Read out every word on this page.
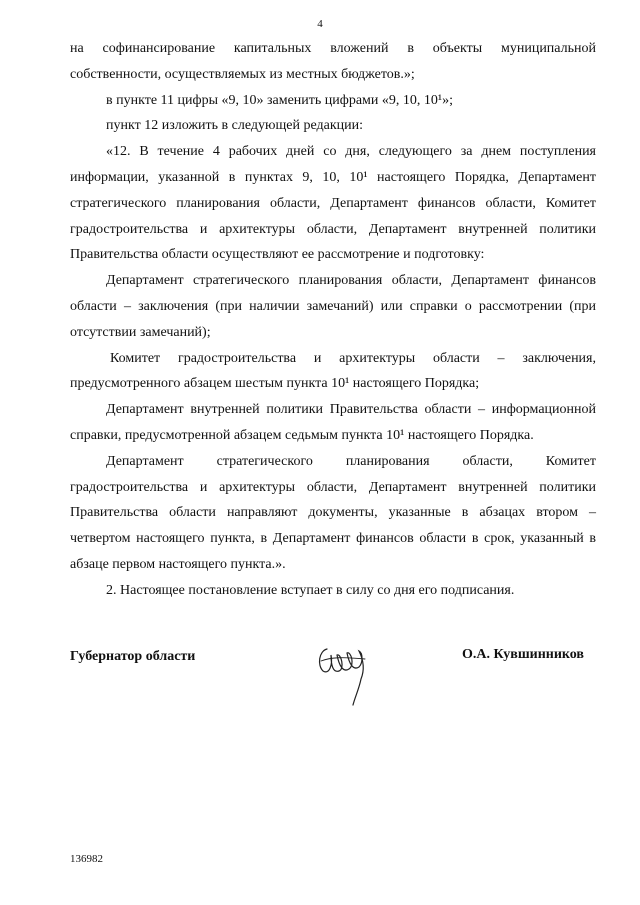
4

на софинансирование капитальных вложений в объекты муниципальной собственности, осуществляемых из местных бюджетов.»;

в пункте 11 цифры «9, 10» заменить цифрами «9, 10, 10¹»;

пункт 12 изложить в следующей редакции:

«12. В течение 4 рабочих дней со дня, следующего за днем поступления информации, указанной в пунктах 9, 10, 10¹ настоящего Порядка, Департамент стратегического планирования области, Департамент финансов области, Комитет градостроительства и архитектуры области, Департамент внутренней политики Правительства области осуществляют ее рассмотрение и подготовку:

Департамент стратегического планирования области, Департамент финансов области – заключения (при наличии замечаний) или справки о рассмотрении (при отсутствии замечаний);

Комитет градостроительства и архитектуры области – заключения, предусмотренного абзацем шестым пункта 10¹ настоящего Порядка;

Департамент внутренней политики Правительства области – информационной справки, предусмотренной абзацем седьмым пункта 10¹ настоящего Порядка.

Департамент стратегического планирования области, Комитет градостроительства и архитектуры области, Департамент внутренней политики Правительства области направляют документы, указанные в абзацах втором – четвертом настоящего пункта, в Департамент финансов области в срок, указанный в абзаце первом настоящего пункта.».

2. Настоящее постановление вступает в силу со дня его подписания.

Губернатор области	О.А. Кувшинников
136982
